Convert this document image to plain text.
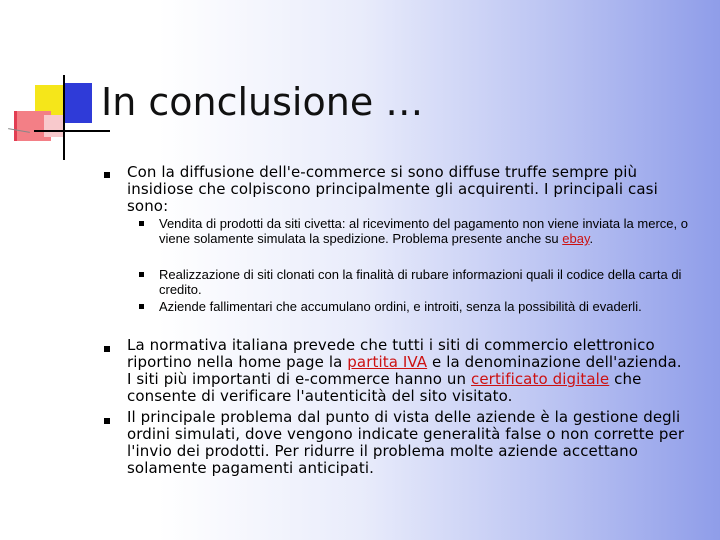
In conclusione …

Con la diffusione dell'e-commerce si sono diffuse truffe sempre più insidiose che colpiscono principalmente gli acquirenti. I principali casi sono:

Vendita di prodotti da siti civetta: al ricevimento del pagamento non viene inviata la merce, o viene solamente simulata la spedizione. Problema presente anche su ebay.

Realizzazione di siti clonati con la finalità di rubare informazioni quali il codice della carta di credito.

Aziende fallimentari che accumulano ordini, e introiti, senza la possibilità di evaderli.

La normativa italiana prevede che tutti i siti di commercio elettronico riportino nella home page la partita IVA e la denominazione dell'azienda. I siti più importanti di e-commerce hanno un certificato digitale che consente di verificare l'autenticità del sito visitato.

Il principale problema dal punto di vista delle aziende è la gestione degli ordini simulati, dove vengono indicate generalità false o non corrette per l'invio dei prodotti. Per ridurre il problema molte aziende accettano solamente pagamenti anticipati.
